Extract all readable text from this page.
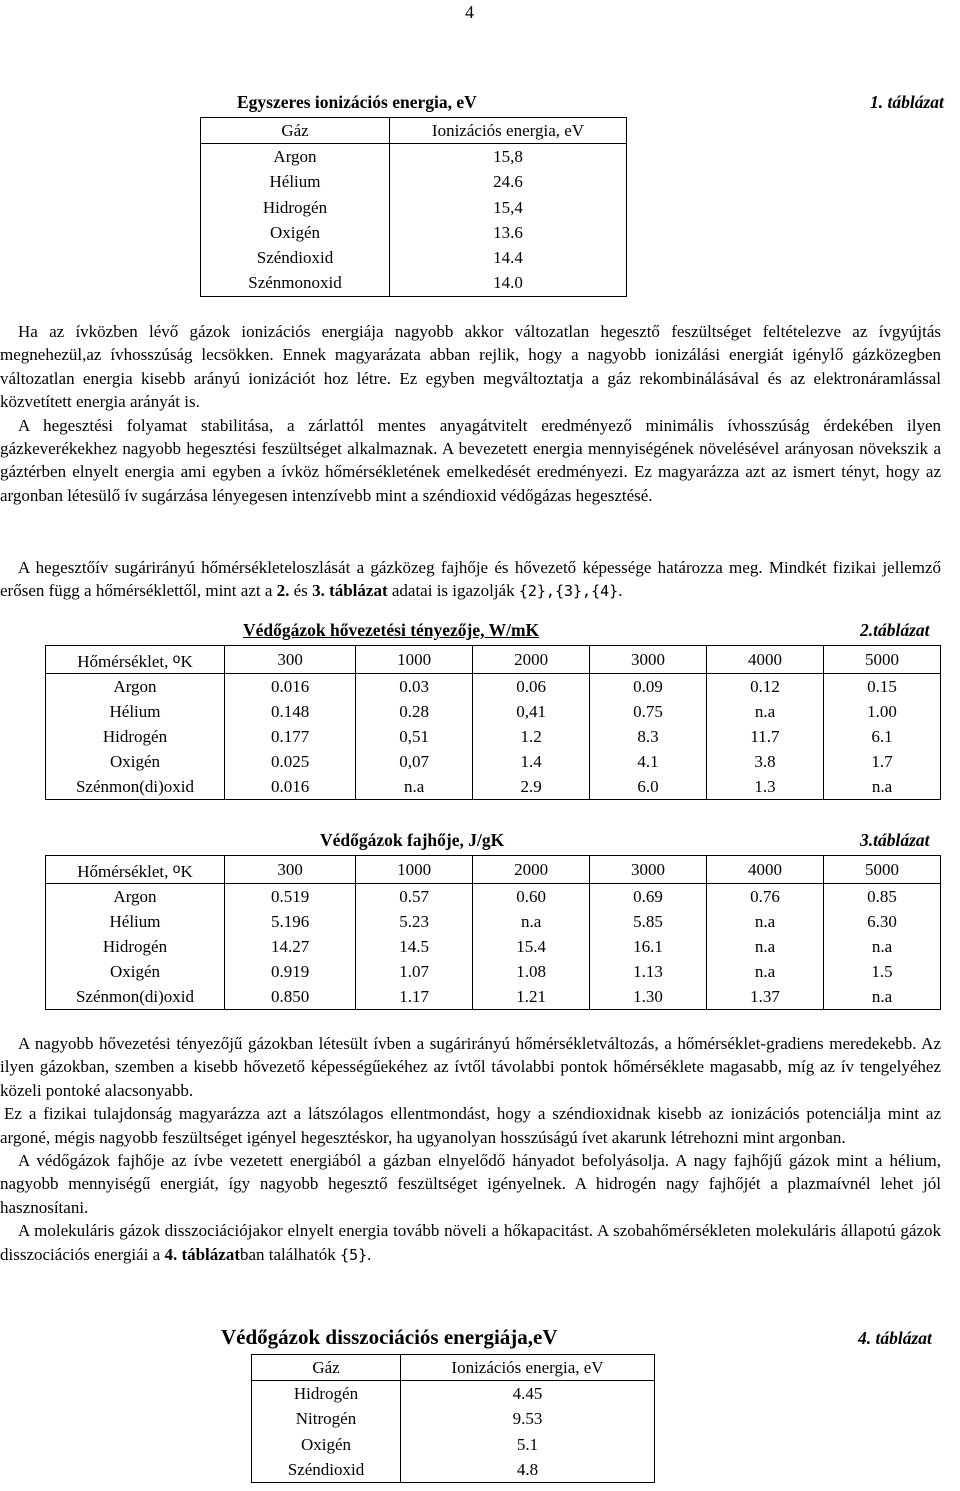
4
Egyszeres ionizációs energia, eV	1. táblázat
Gáz	Ionizációs energia, eV
Argon	15,8
Hélium	24.6
Hidrogén	15,4
Oxigén	13.6
Széndioxid	14.4
Szénmonoxid	14.0

Ha az ívközben lévő gázok ionizációs energiája nagyobb akkor változatlan hegesztő feszültséget feltételezve az ívgyújtás megnehezül,az ívhosszúság lecsökken. Ennek magyarázata abban rejlik, hogy a nagyobb ionizálási energiát igénylő gázközegben változatlan energia kisebb arányú ionizációt hoz létre. Ez egyben megváltoztatja a gáz rekombinálásával és az elektronáramlással közvetített energia arányát is.

A hegesztési folyamat stabilitása, a zárlattól mentes anyagátvitelt eredményező minimális ívhosszúság érdekében ilyen gázkeverékekhez nagyobb hegesztési feszültséget alkalmaznak. A bevezetett energia mennyiségének növelésével arányosan növekszik a gáztérben elnyelt energia ami egyben a ívköz hőmérsékletének emelkedését eredményezi. Ez magyarázza azt az ismert tényt, hogy az argonban létesülő ív sugárzása lényegesen intenzívebb mint a széndioxid védőgázas hegesztésé.

A hegesztőív sugárirányú hőmérsékleteloszlását a gázközeg fajhője és hővezető képessége határozza meg. Mindkét fizikai jellemző erősen függ a hőmérséklettől, mint azt a 2. és 3. táblázat adatai is igazolják {2},{3},{4}.

Védőgázok hővezetési tényezője, W/mK	2.táblázat
Hőmérséklet, $^o$K	300	1000	2000	3000	4000	5000
Argon	0.016	0.03	0.06	0.09	0.12	0.15
Hélium	0.148	0.28	0,41	0.75	n.a	1.00
Hidrogén	0.177	0,51	1.2	8.3	11.7	6.1
Oxigén	0.025	0,07	1.4	4.1	3.8	1.7
Szénmon(di)oxid	0.016	n.a	2.9	6.0	1.3	n.a
Védőgázok fajhője, J/gK	3.táblázat
Hőmérséklet, $^o$K	300	1000	2000	3000	4000	5000
Argon	0.519	0.57	0.60	0.69	0.76	0.85
Hélium	5.196	5.23	n.a	5.85	n.a	6.30
Hidrogén	14.27	14.5	15.4	16.1	n.a	n.a
Oxigén	0.919	1.07	1.08	1.13	n.a	1.5
Szénmon(di)oxid	0.850	1.17	1.21	1.30	1.37	n.a

A nagyobb hővezetési tényezőjű gázokban létesült ívben a sugárirányú hőmérsékletváltozás, a hőmérséklet-gradiens meredekebb. Az ilyen gázokban, szemben a kisebb hővezető képességűekéhez az ívtől távolabbi pontok hőmérséklete magasabb, míg az ív tengelyéhez közeli pontoké alacsonyabb.

Ez a fizikai tulajdonság magyarázza azt a látszólagos ellentmondást, hogy a széndioxidnak kisebb az ionizációs potenciálja mint az argoné, mégis nagyobb feszültséget igényel hegesztéskor, ha ugyanolyan hosszúságú ívet akarunk létrehozni mint argonban.

A védőgázok fajhője az ívbe vezetett energiából a gázban elnyelődő hányadot befolyásolja. A nagy fajhőjű gázok mint a hélium, nagyobb mennyiségű energiát, így nagyobb hegesztő feszültséget igényelnek. A hidrogén nagy fajhőjét a plazmaívnél lehet jól hasznosítani.

A molekuláris gázok disszociációjakor elnyelt energia tovább növeli a hőkapacitást. A szobahőmérsékleten molekuláris állapotú gázok disszociációs energiái a 4. táblázatban találhatók {5}.

Védőgázok disszociációs energiája,eV	4. táblázat
Gáz	Ionizációs energia, eV
Hidrogén	4.45
Nitrogén	9.53
Oxigén	5.1
Széndioxid	4.8
